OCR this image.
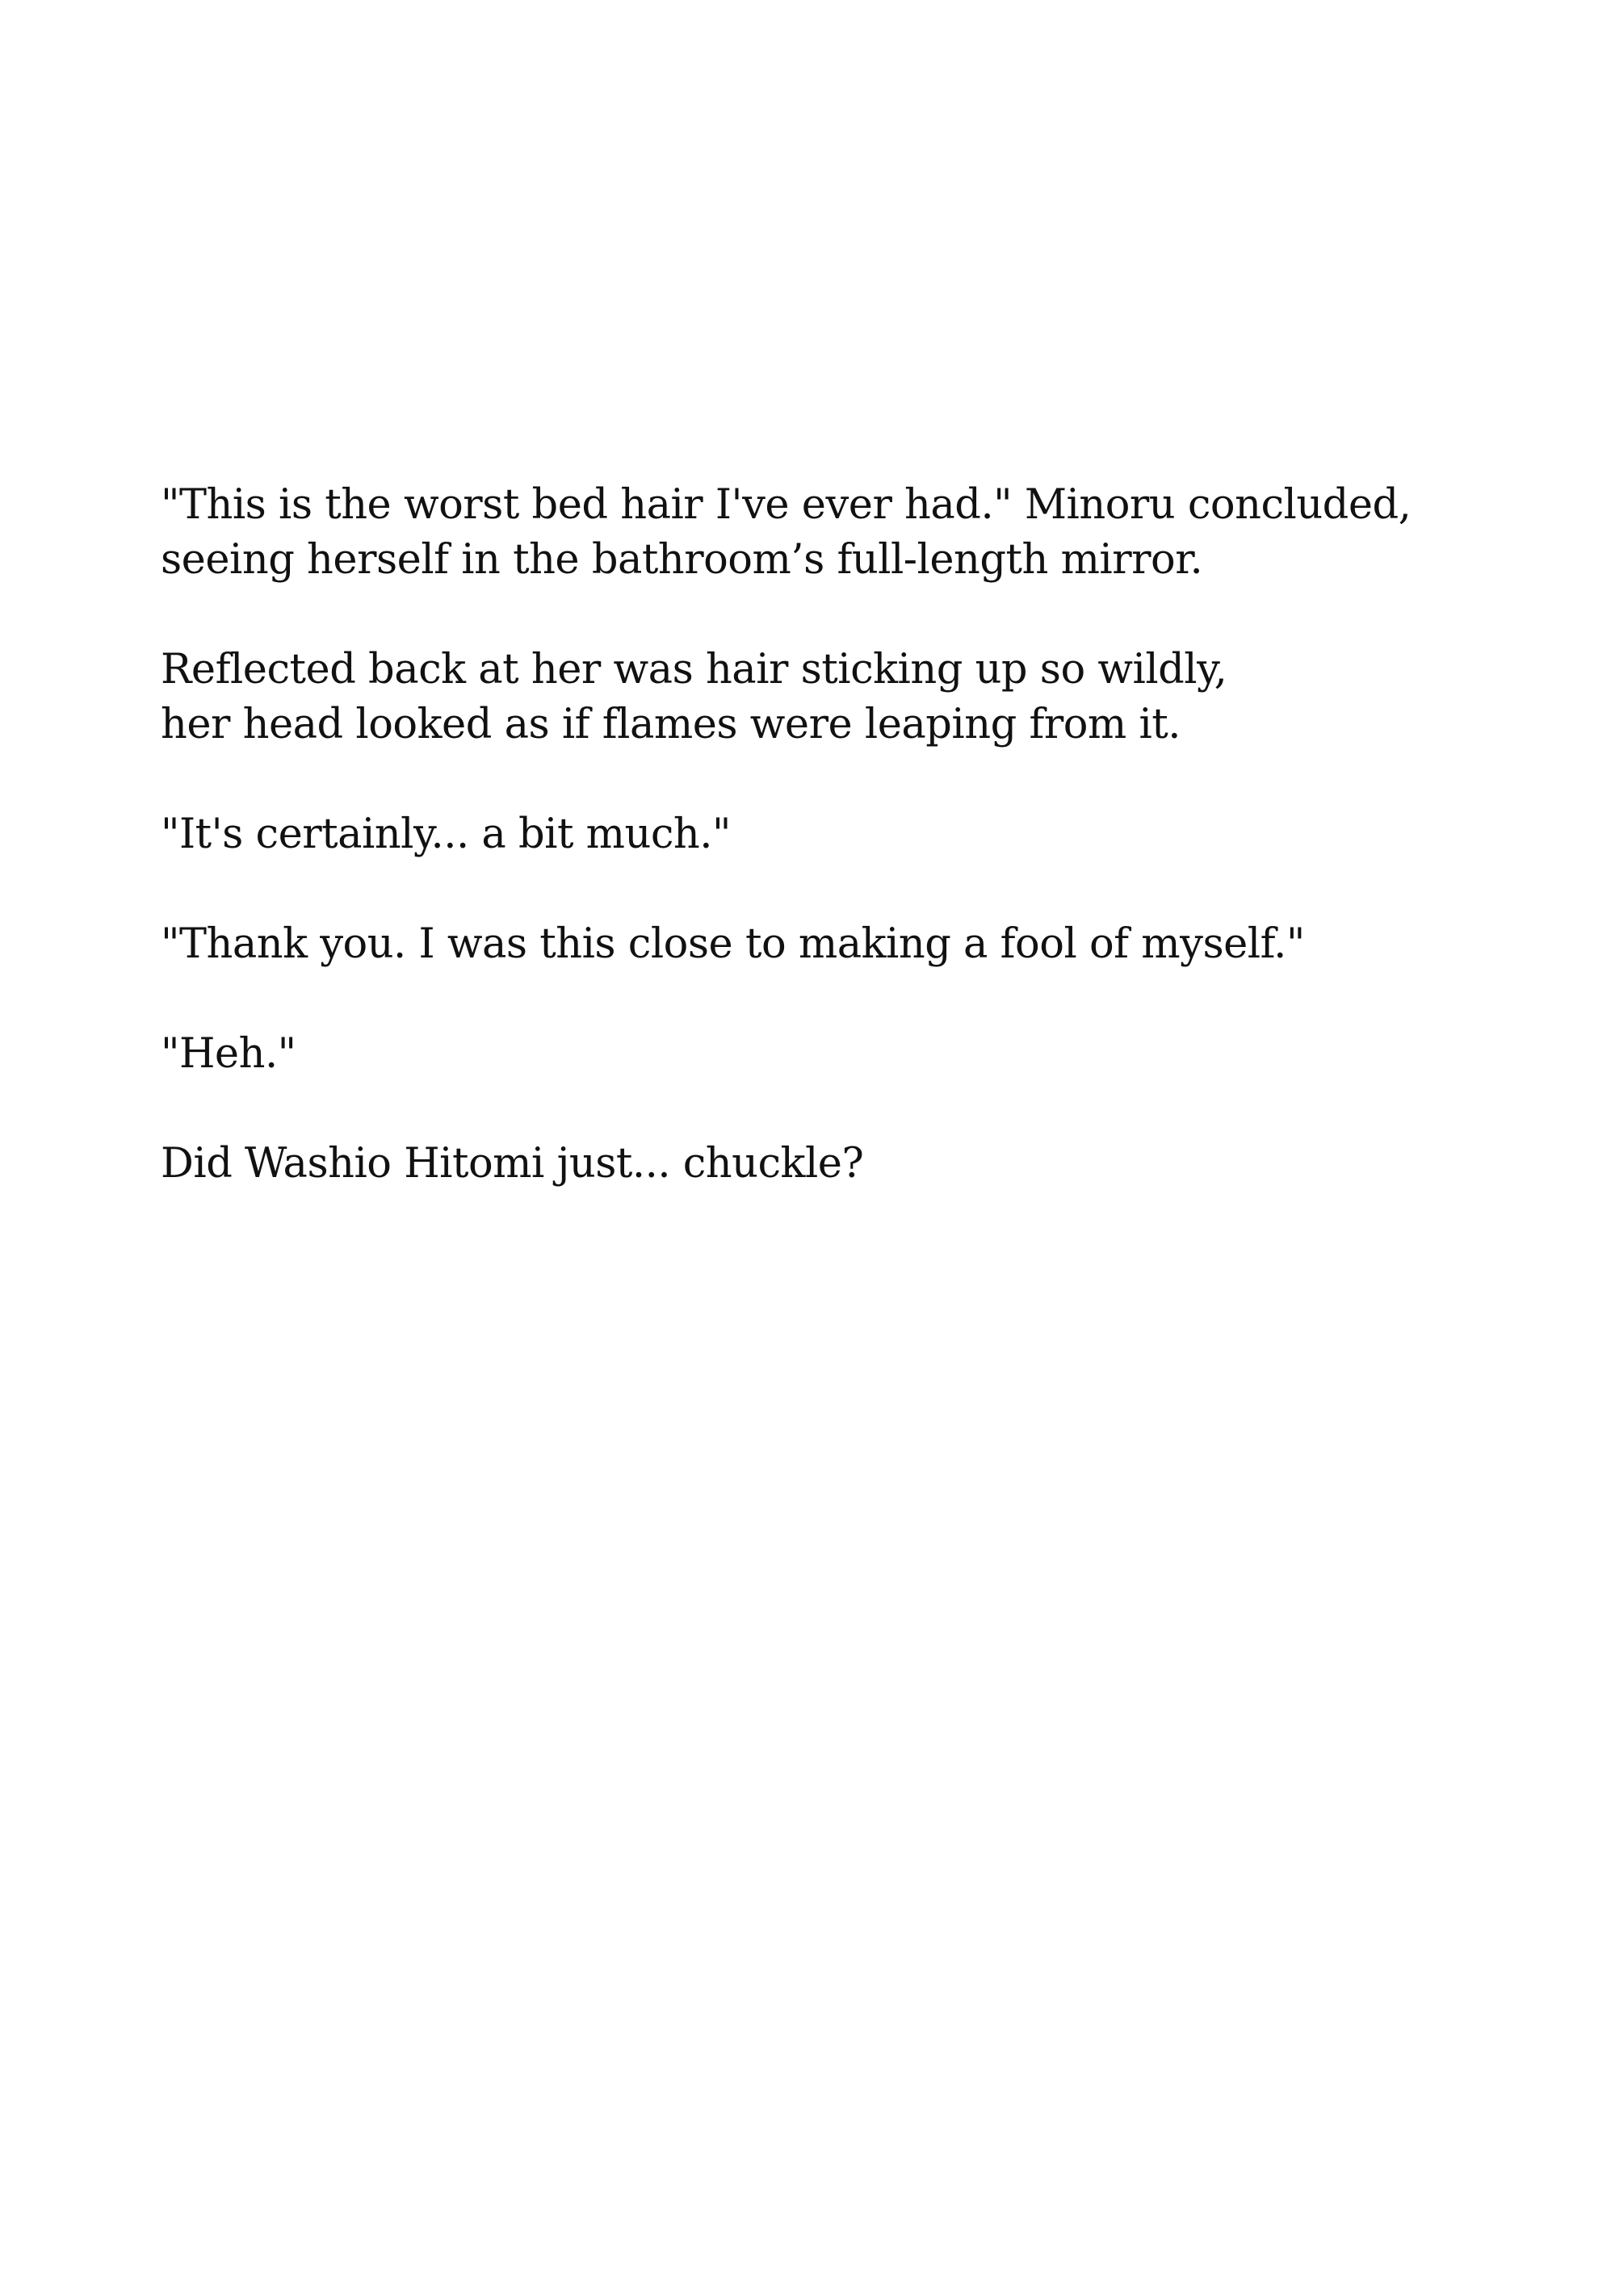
"This is the worst bed hair I've ever had." Minoru concluded,
seeing herself in the bathroom’s full-length mirror.

Reflected back at her was hair sticking up so wildly,
her head looked as if flames were leaping from it.

"It's certainly... a bit much."

"Thank you. I was this close to making a fool of myself."

"Heh."

Did Washio Hitomi just... chuckle?
